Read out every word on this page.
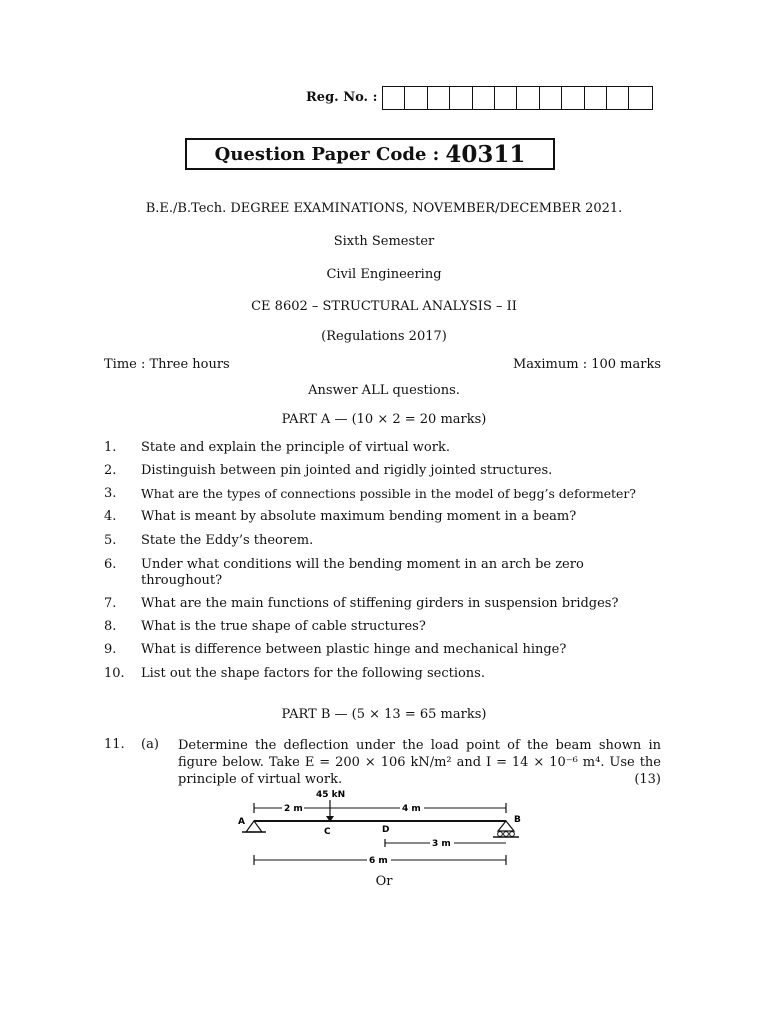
Reg. No. :
Question Paper Code : 40311
B.E./B.Tech. DEGREE EXAMINATIONS, NOVEMBER/DECEMBER 2021.
Sixth Semester
Civil Engineering
CE 8602 – STRUCTURAL ANALYSIS – II
(Regulations 2017)
Time : Three hours	Maximum : 100 marks
Answer ALL questions.
PART A — (10 × 2 = 20 marks)
1.	State and explain the principle of virtual work.
2.	Distinguish between pin jointed and rigidly jointed structures.
3.	What are the types of connections possible in the model of begg’s deformeter?
4.	What is meant by absolute maximum bending moment in a beam?
5.	State the Eddy’s theorem.
6.	Under what conditions will the bending moment in an arch be zero throughout?
7.	What are the main functions of stiffening girders in suspension bridges?
8.	What is the true shape of cable structures?
9.	What is difference between plastic hinge and mechanical hinge?
10.	List out the shape factors for the following sections.
PART B — (5 × 13 = 65 marks)
11. (a) Determine the deflection under the load point of the beam shown in figure below. Take E = 200 × 106 kN/m² and I = 14 × 10⁻⁶ m⁴. Use the principle of virtual work.	(13)
45 kN
2 m	4 m
A	B
C	D
3 m
6 m
Or
